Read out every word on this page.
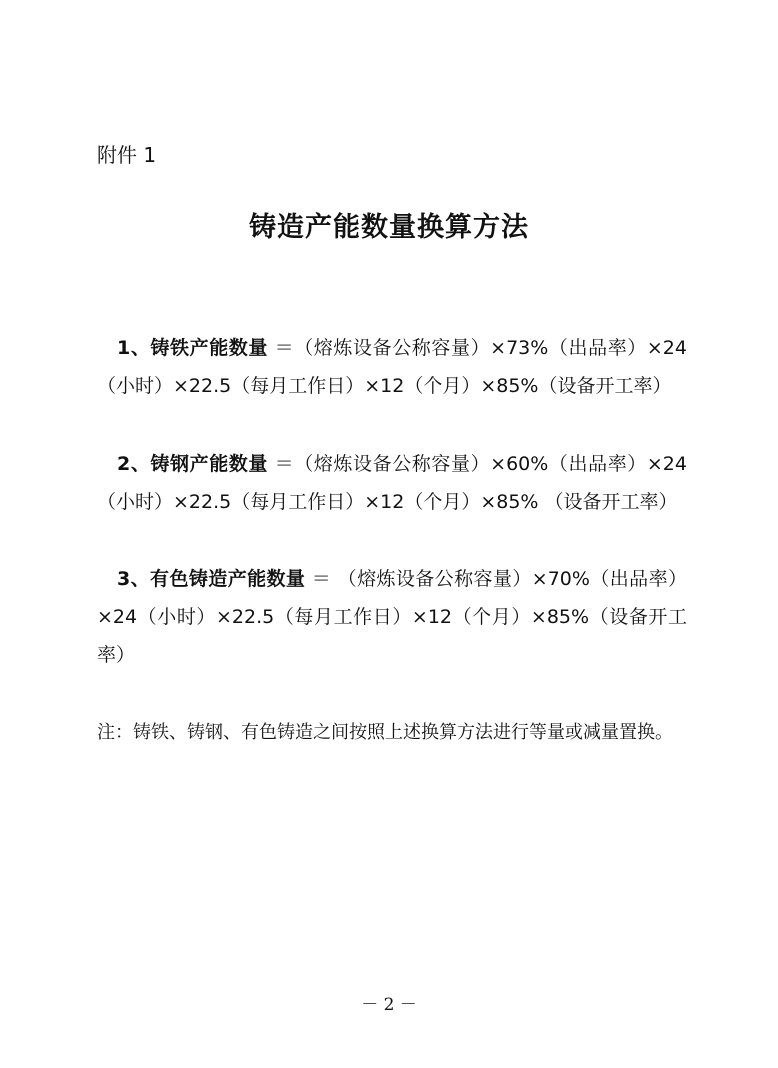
附件 1
铸造产能数量换算方法
1、铸铁产能数量 ＝（熔炼设备公称容量）×73%（出品率）×24（小时）×22.5（每月工作日）×12（个月）×85%（设备开工率）
2、铸钢产能数量 ＝（熔炼设备公称容量）×60%（出品率）×24（小时）×22.5（每月工作日）×12（个月）×85% （设备开工率）
3、有色铸造产能数量 ＝ （熔炼设备公称容量）×70%（出品率）×24（小时）×22.5（每月工作日）×12（个月）×85%（设备开工率）
注：铸铁、铸钢、有色铸造之间按照上述换算方法进行等量或减量置换。
－ 2 －
